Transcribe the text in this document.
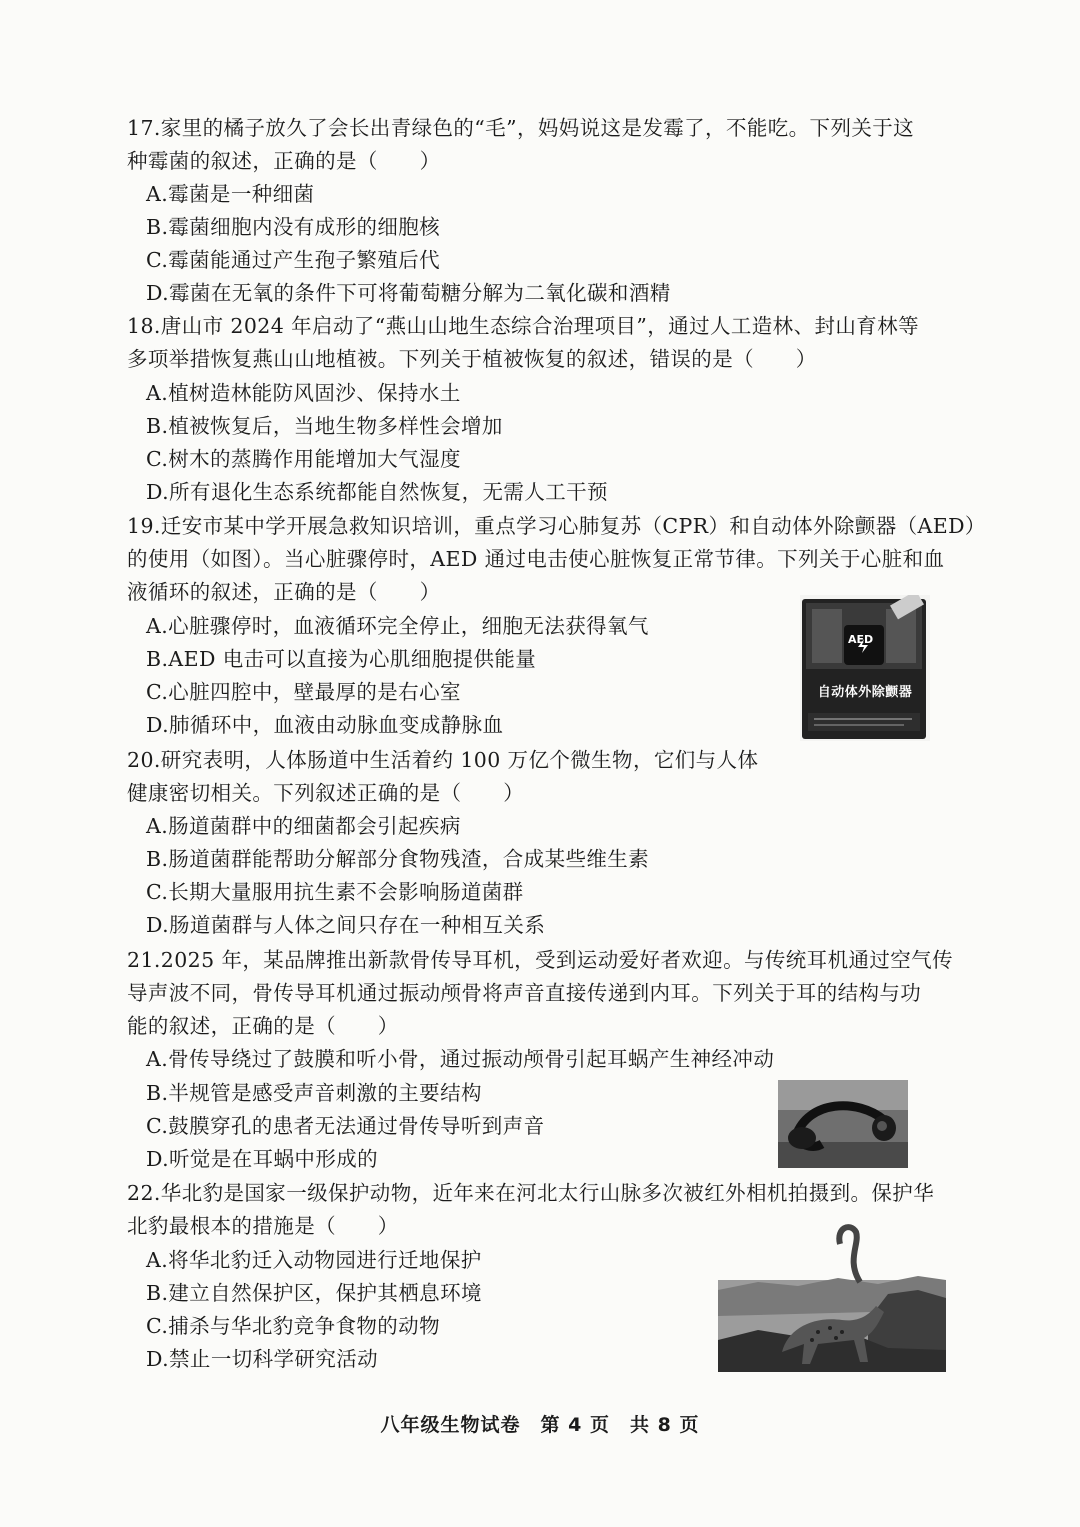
17.家里的橘子放久了会长出青绿色的“毛”，妈妈说这是发霉了，不能吃。下列关于这
种霉菌的叙述，正确的是（　　）
A.霉菌是一种细菌
B.霉菌细胞内没有成形的细胞核
C.霉菌能通过产生孢子繁殖后代
D.霉菌在无氧的条件下可将葡萄糖分解为二氧化碳和酒精
18.唐山市 2024 年启动了“燕山山地生态综合治理项目”，通过人工造林、封山育林等
多项举措恢复燕山山地植被。下列关于植被恢复的叙述，错误的是（　　）
A.植树造林能防风固沙、保持水土
B.植被恢复后，当地生物多样性会增加
C.树木的蒸腾作用能增加大气湿度
D.所有退化生态系统都能自然恢复，无需人工干预
19.迁安市某中学开展急救知识培训，重点学习心肺复苏（CPR）和自动体外除颤器（AED）
的使用（如图）。当心脏骤停时，AED 通过电击使心脏恢复正常节律。下列关于心脏和血
液循环的叙述，正确的是（　　）
A.心脏骤停时，血液循环完全停止，细胞无法获得氧气
B.AED 电击可以直接为心肌细胞提供能量
C.心脏四腔中，壁最厚的是右心室
D.肺循环中，血液由动脉血变成静脉血
AED
自动体外除颤器
20.研究表明，人体肠道中生活着约 100 万亿个微生物，它们与人体
健康密切相关。下列叙述正确的是（　　）
A.肠道菌群中的细菌都会引起疾病
B.肠道菌群能帮助分解部分食物残渣，合成某些维生素
C.长期大量服用抗生素不会影响肠道菌群
D.肠道菌群与人体之间只存在一种相互关系
21.2025 年，某品牌推出新款骨传导耳机，受到运动爱好者欢迎。与传统耳机通过空气传
导声波不同，骨传导耳机通过振动颅骨将声音直接传递到内耳。下列关于耳的结构与功
能的叙述，正确的是（　　）
A.骨传导绕过了鼓膜和听小骨，通过振动颅骨引起耳蜗产生神经冲动
B.半规管是感受声音刺激的主要结构
C.鼓膜穿孔的患者无法通过骨传导听到声音
D.听觉是在耳蜗中形成的
22.华北豹是国家一级保护动物，近年来在河北太行山脉多次被红外相机拍摄到。保护华
北豹最根本的措施是（　　）
A.将华北豹迁入动物园进行迁地保护
B.建立自然保护区，保护其栖息环境
C.捕杀与华北豹竞争食物的动物
D.禁止一切科学研究活动
八年级生物试卷　第 4 页　共 8 页
